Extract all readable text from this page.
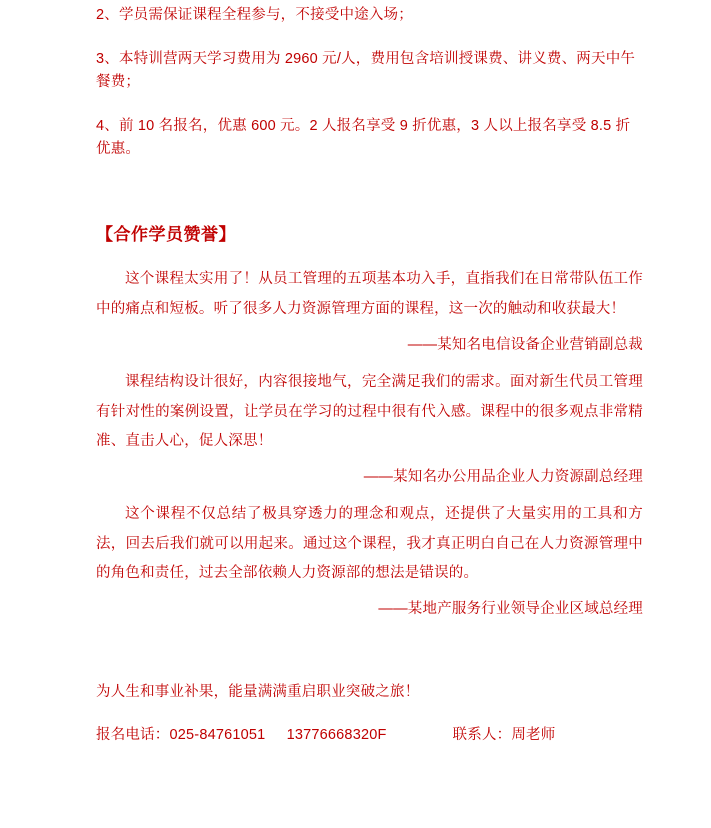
2、学员需保证课程全程参与，不接受中途入场；

3、本特训营两天学习费用为 2960 元/人，费用包含培训授课费、讲义费、两天中午餐费；

4、前 10 名报名，优惠 600 元。2 人报名享受 9 折优惠，3 人以上报名享受 8.5 折优惠。

【合作学员赞誉】

这个课程太实用了！从员工管理的五项基本功入手，直指我们在日常带队伍工作中的痛点和短板。听了很多人力资源管理方面的课程，这一次的触动和收获最大！

——某知名电信设备企业营销副总裁

课程结构设计很好，内容很接地气，完全满足我们的需求。面对新生代员工管理有针对性的案例设置，让学员在学习的过程中很有代入感。课程中的很多观点非常精准、直击人心，促人深思！

——某知名办公用品企业人力资源副总经理

这个课程不仅总结了极具穿透力的理念和观点，还提供了大量实用的工具和方法，回去后我们就可以用起来。通过这个课程，我才真正明白自己在人力资源管理中的角色和责任，过去全部依赖人力资源部的想法是错误的。

——某地产服务行业领导企业区域总经理
为人生和事业补果，能量满满重启职业突破之旅！
报名电话：025-84761051     13776668320F	联系人：周老师
